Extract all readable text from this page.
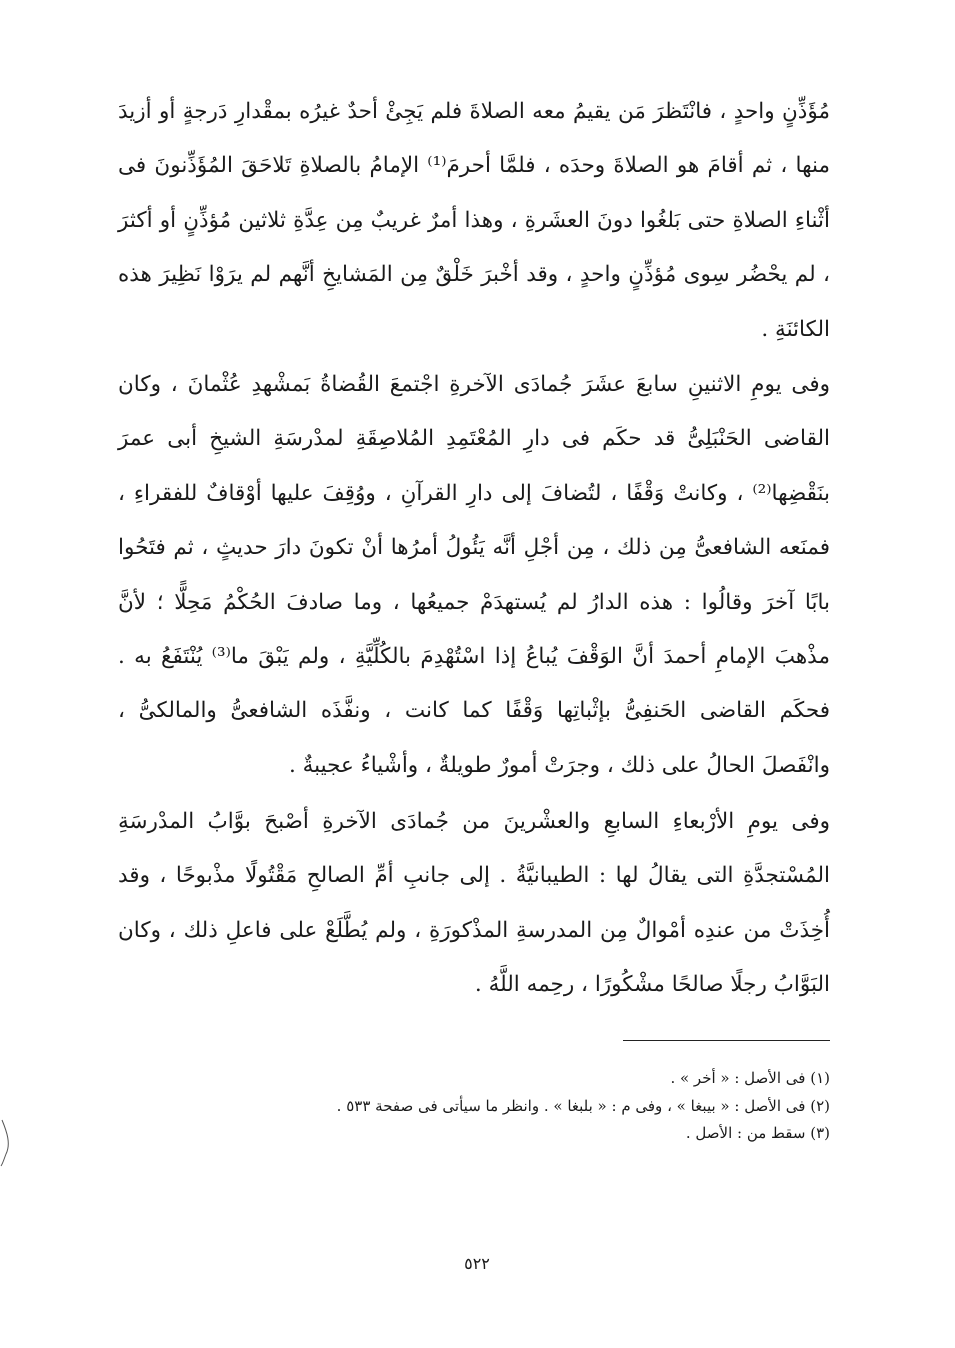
مُؤَذِّنٍ واحدٍ ، فانْتَظرَ مَن يقيمُ معه الصلاةَ فلم يَجِئْ أحدٌ غيرُه بمقْدارِ دَرجةٍ أو أزيدَ منها ، ثم أقامَ هو الصلاةَ وحدَه ، فلمَّا أحرمَ⁽¹⁾ الإمامُ بالصلاةِ تَلاحَقَ المُؤَذِّنونَ فى أثْناءِ الصلاةِ حتى بَلغُوا دونَ العشَرةِ ، وهذا أمرٌ غريبٌ مِن عِدَّةِ ثلاثين مُؤذِّنٍ أو أكثرَ ، لم يحْضُر سِوى مُؤذِّنٍ واحدٍ ، وقد أخْبرَ خَلْقٌ مِن المَشايخِ أنَّهم لم يرَوْا نَظِيرَ هذه الكائنَةِ .

وفى يومِ الاثنينِ سابعَ عشَرَ جُمادَى الآخرةِ اجْتمعَ القُضاةُ بَمشْهدِ عُثْمانَ ، وكان القاضى الحَنْبَلِىُّ قد حكَم فى دارِ المُعْتَمِدِ المُلاصِقَةِ لمدْرسَةِ الشيخِ أبى عمرَ بنَقْضِها⁽²⁾ ، وكانتْ وَقْفًا ، لتُضافَ إلى دارِ القرآنِ ، ووُقِفَ عليها أوْقافٌ للفقراءِ ، فمنَعه الشافعىُّ مِن ذلك ، مِن أجْلِ أنَّه يَئُولُ أمرُها أنْ تكونَ دارَ حديثٍ ، ثم فتَحُوا بابًا آخرَ وقالُوا : هذه الدارُ لم يُستهدَمْ جميعُها ، وما صادفَ الحُكْمُ مَحِلًّا ؛ لأنَّ مذْهبَ الإمامِ أحمدَ أنَّ الوَقْفَ يُباعُ إذا اسْتُهْدِمَ بالكُلِّيَّةِ ، ولم يَبْقَ ما⁽³⁾ يُنْتَفَعُ به . فحكَم القاضى الحَنفِىُّ بإثْباتِها وَقْفًا كما كانت ، ونفَّذَه الشافعىُّ والمالكىُّ ، وانْفَصلَ الحالُ على ذلك ، وجرَتْ أمورٌ طويلةٌ ، وأشْياءُ عجيبةٌ .

وفى يومِ الأرْبعاءِ السابعِ والعشْرينَ من جُمادَى الآخرةِ أصْبحَ بوَّابُ المدْرسَةِ المُسْتجدَّةِ التى يقالُ لها : الطيبانيَّةُ . إلى جانبِ أمِّ الصالحِ مَقْتُولًا مذْبوحًا ، وقد أُخِذَتْ من عندِه أمْوالٌ مِن المدرسةِ المذْكورَةِ ، ولم يُطَّلَعْ على فاعلِ ذلك ، وكان البَوَّابُ رجلًا صالحًا مشْكُورًا ، رحِمه اللَّهُ .

(١) فى الأصل : « أخر » .
(٢) فى الأصل : « بيبغا » ، وفى م : « بلبغا » . وانظر ما سيأتى فى صفحة ٥٣٣ .
(٣) سقط من : الأصل .
٥٢٢
